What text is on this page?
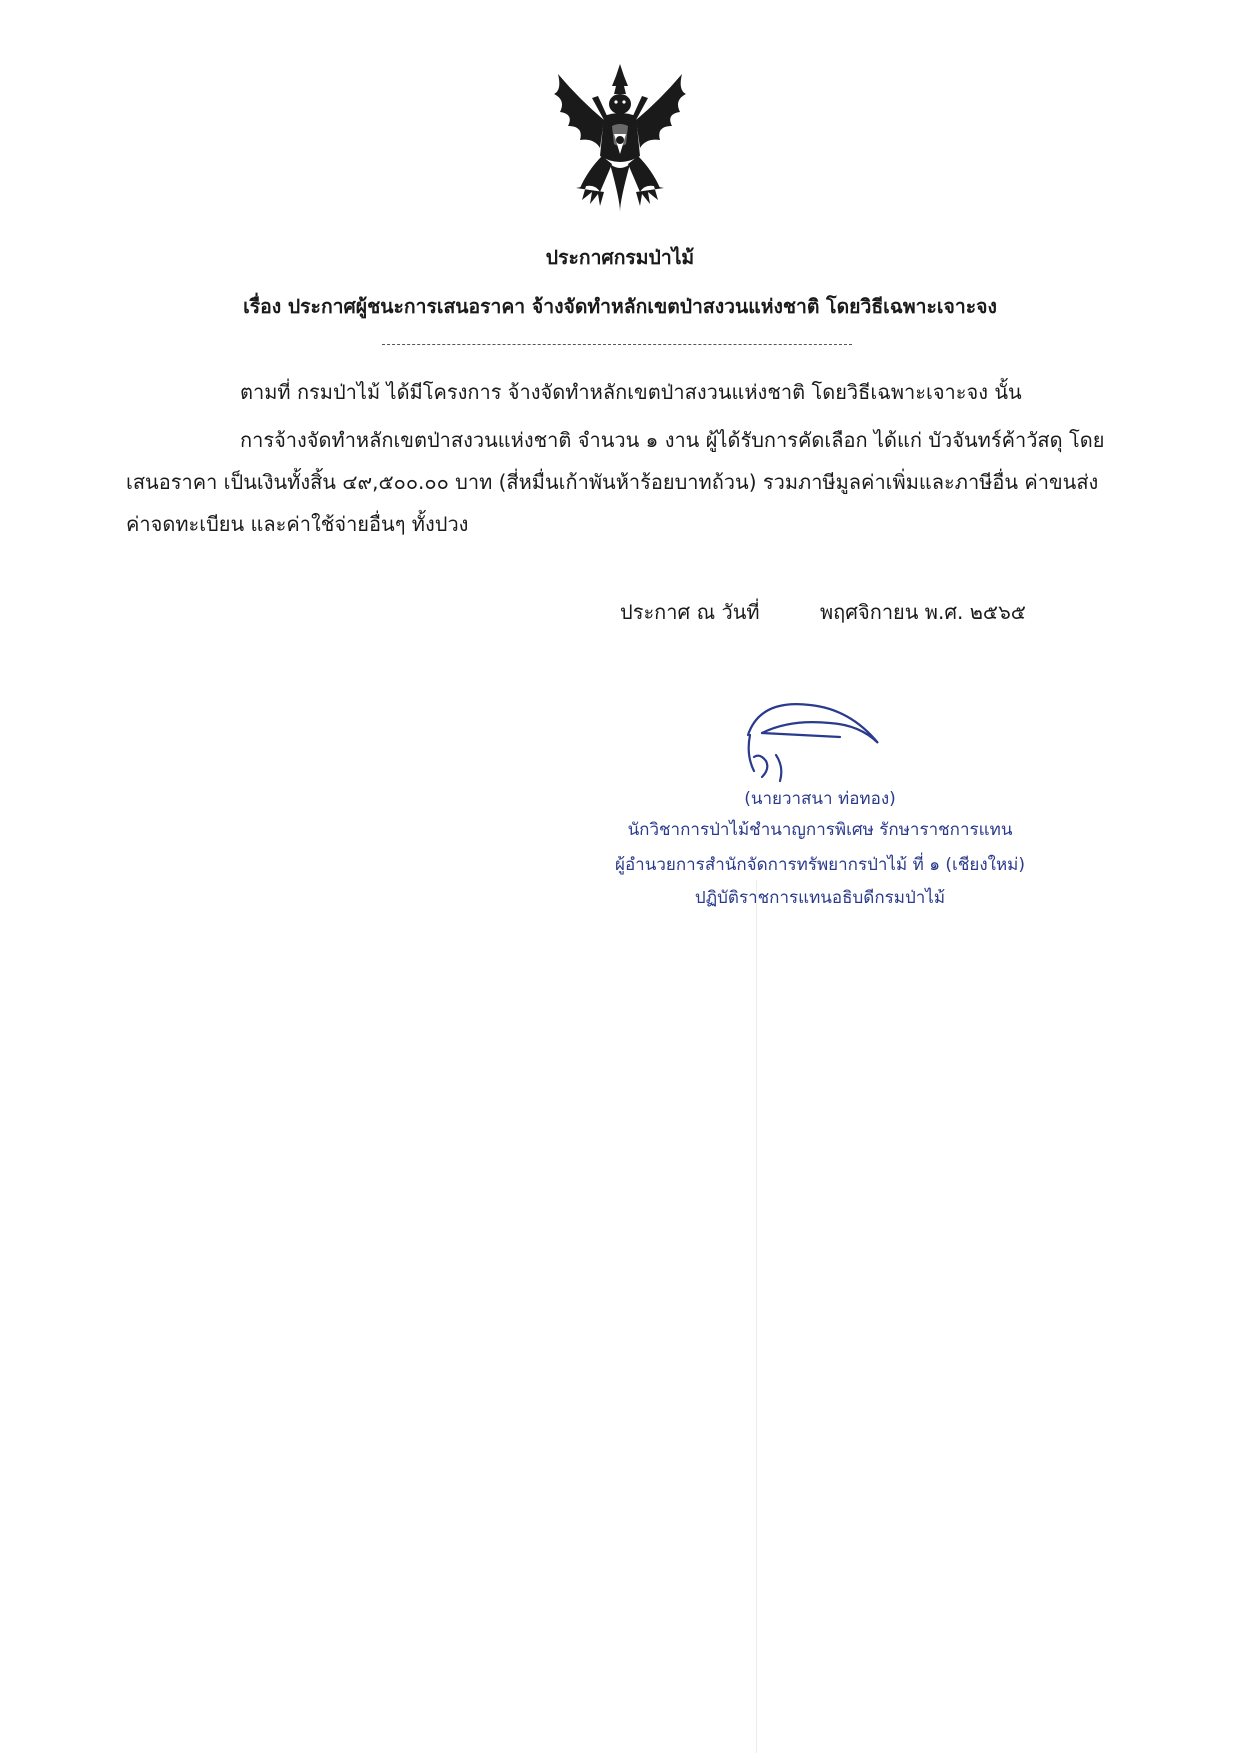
ประกาศกรมป่าไม้
เรื่อง ประกาศผู้ชนะการเสนอราคา จ้างจัดทำหลักเขตป่าสงวนแห่งชาติ โดยวิธีเฉพาะเจาะจง
ตามที่ กรมป่าไม้ ได้มีโครงการ จ้างจัดทำหลักเขตป่าสงวนแห่งชาติ โดยวิธีเฉพาะเจาะจง นั้น
การจ้างจัดทำหลักเขตป่าสงวนแห่งชาติ จำนวน ๑ งาน ผู้ได้รับการคัดเลือก ได้แก่ บัวจันทร์ค้าวัสดุ โดย
เสนอราคา เป็นเงินทั้งสิ้น ๔๙,๕๐๐.๐๐ บาท (สี่หมื่นเก้าพันห้าร้อยบาทถ้วน) รวมภาษีมูลค่าเพิ่มและภาษีอื่น ค่าขนส่ง
ค่าจดทะเบียน และค่าใช้จ่ายอื่นๆ ทั้งปวง
ประกาศ ณ วันที่	พฤศจิกายน พ.ศ. ๒๕๖๕
(นายวาสนา ท่อทอง)
นักวิชาการป่าไม้ชำนาญการพิเศษ รักษาราชการแทน
ผู้อำนวยการสำนักจัดการทรัพยากรป่าไม้ ที่ ๑ (เชียงใหม่)
ปฏิบัติราชการแทนอธิบดีกรมป่าไม้
